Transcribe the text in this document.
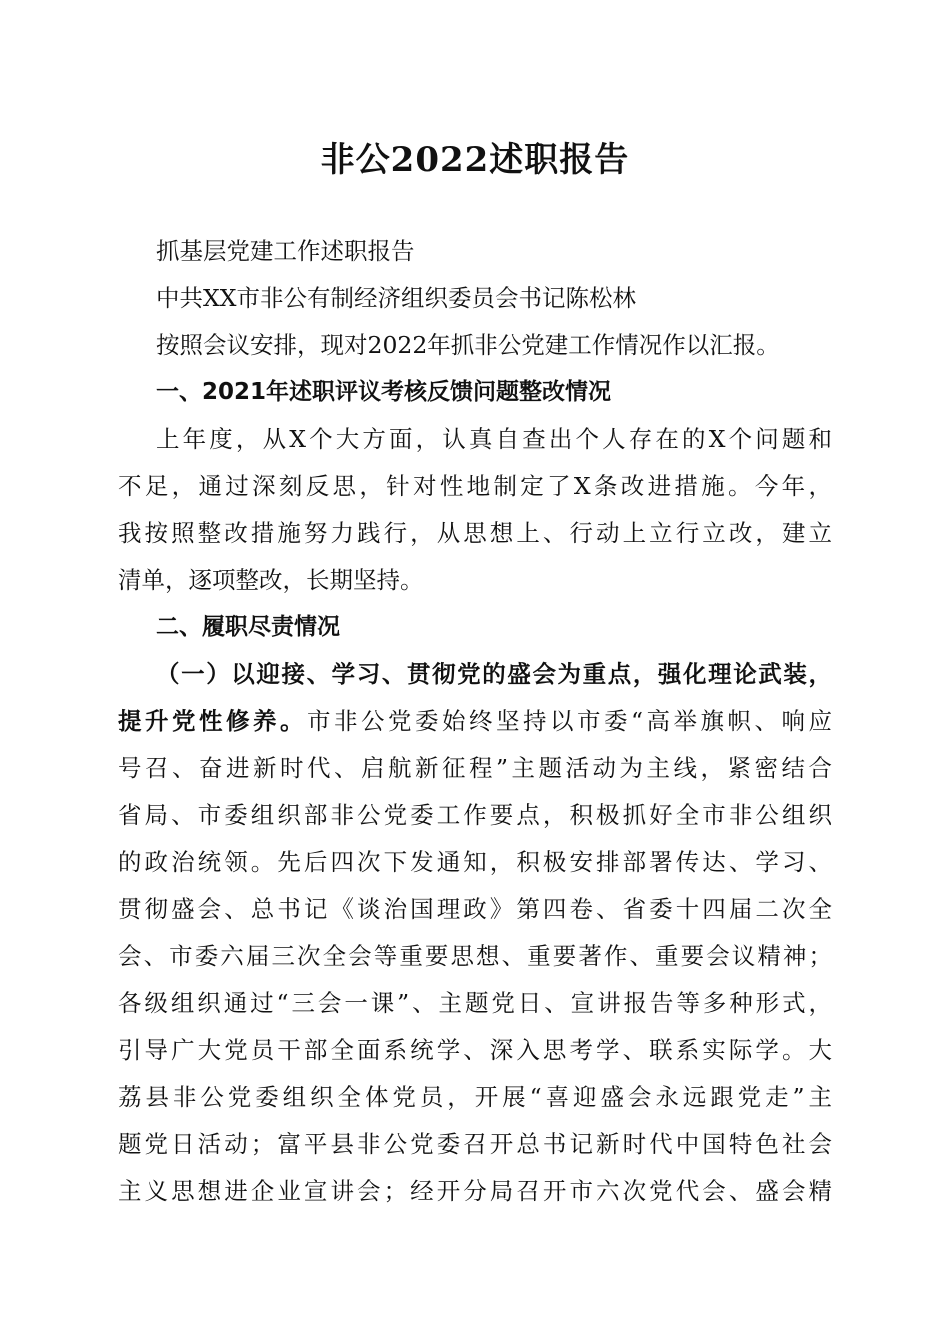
非公2022述职报告
抓基层党建工作述职报告
中共XX市非公有制经济组织委员会书记陈松林
按照会议安排，现对2022年抓非公党建工作情况作以汇报。
一、2021年述职评议考核反馈问题整改情况
上年度，从X个大方面，认真自查出个人存在的X个问题和
不足，通过深刻反思，针对性地制定了X条改进措施。今年，
我按照整改措施努力践行，从思想上、行动上立行立改，建立
清单，逐项整改，长期坚持。
二、履职尽责情况
（一）以迎接、学习、贯彻党的盛会为重点，强化理论武装，
提升党性修养。市非公党委始终坚持以市委“高举旗帜、响应
号召、奋进新时代、启航新征程”主题活动为主线，紧密结合
省局、市委组织部非公党委工作要点，积极抓好全市非公组织
的政治统领。先后四次下发通知，积极安排部署传达、学习、
贯彻盛会、总书记《谈治国理政》第四卷、省委十四届二次全
会、市委六届三次全会等重要思想、重要著作、重要会议精神；
各级组织通过“三会一课”、主题党日、宣讲报告等多种形式，
引导广大党员干部全面系统学、深入思考学、联系实际学。大
荔县非公党委组织全体党员，开展“喜迎盛会永远跟党走”主
题党日活动；富平县非公党委召开总书记新时代中国特色社会
主义思想进企业宣讲会；经开分局召开市六次党代会、盛会精
